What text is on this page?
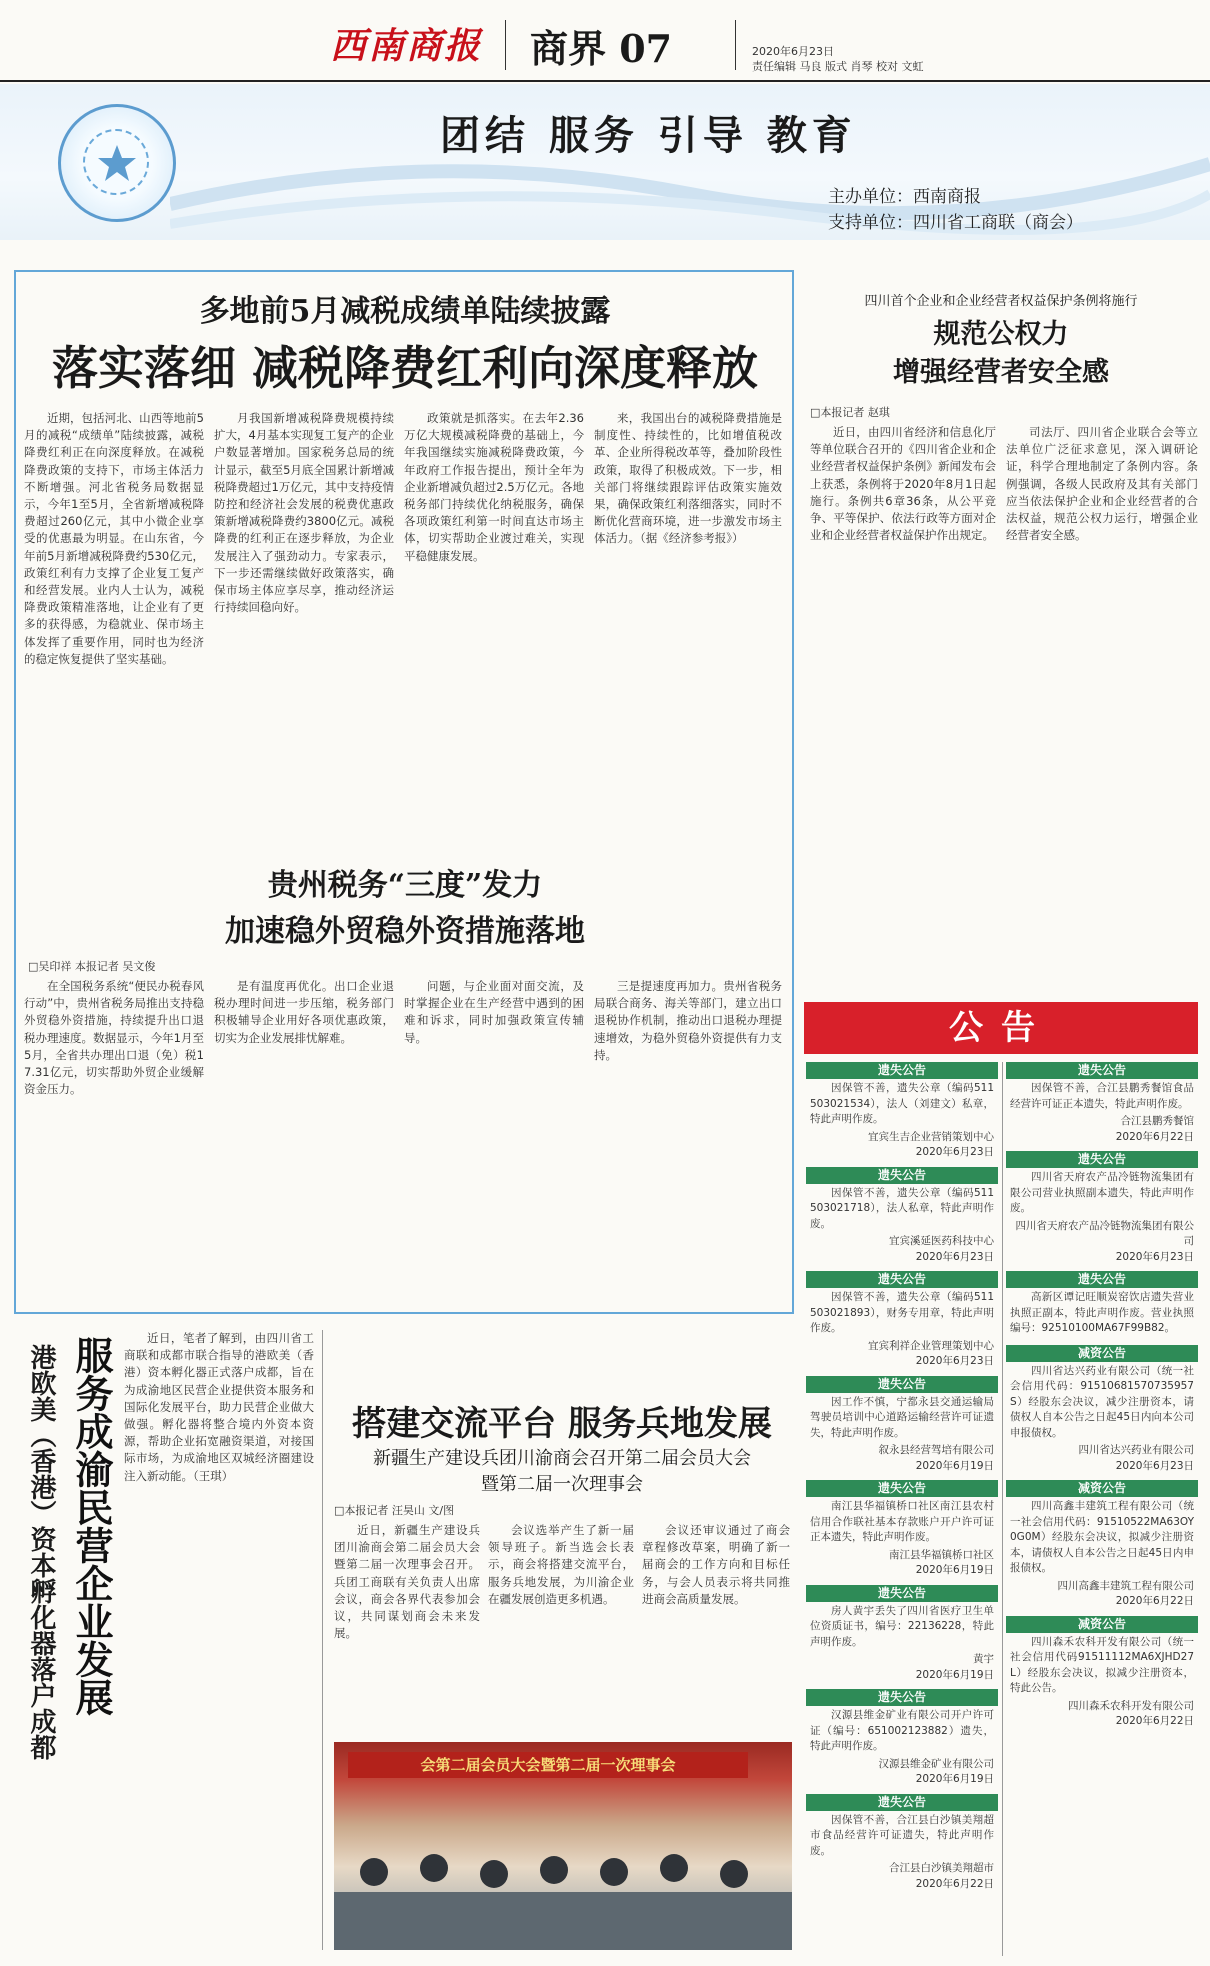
西南商报 商界 07	2020年6月23日
责任编辑 马良 版式 肖琴 校对 文虹
团结 服务 引导 教育
主办单位：西南商报
支持单位：四川省工商联（商会）
多地前5月减税成绩单陆续披露
落实落细 减税降费红利向深度释放
近期，包括河北、山西等地前5月的减税“成绩单”陆续披露，减税降费红利正在向深度释放。在减税降费政策的支持下，市场主体活力不断增强。河北省税务局数据显示，今年1至5月，全省新增减税降费超过260亿元，其中小微企业享受的优惠最为明显。在山东省，今年前5月新增减税降费约530亿元，政策红利有力支撑了企业复工复产和经营发展。业内人士认为，减税降费政策精准落地，让企业有了更多的获得感，为稳就业、保市场主体发挥了重要作用，同时也为经济的稳定恢复提供了坚实基础。
月我国新增减税降费规模持续扩大，4月基本实现复工复产的企业户数显著增加。国家税务总局的统计显示，截至5月底全国累计新增减税降费超过1万亿元，其中支持疫情防控和经济社会发展的税费优惠政策新增减税降费约3800亿元。减税降费的红利正在逐步释放，为企业发展注入了强劲动力。专家表示，下一步还需继续做好政策落实，确保市场主体应享尽享，推动经济运行持续回稳向好。
政策就是抓落实。在去年2.36万亿大规模减税降费的基础上，今年我国继续实施减税降费政策，今年政府工作报告提出，预计全年为企业新增减负超过2.5万亿元。各地税务部门持续优化纳税服务，确保各项政策红利第一时间直达市场主体，切实帮助企业渡过难关，实现平稳健康发展。
来，我国出台的减税降费措施是制度性、持续性的，比如增值税改革、企业所得税改革等，叠加阶段性政策，取得了积极成效。下一步，相关部门将继续跟踪评估政策实施效果，确保政策红利落细落实，同时不断优化营商环境，进一步激发市场主体活力。（据《经济参考报》）
贵州税务“三度”发力
加速稳外贸稳外资措施落地
□吴印祥 本报记者 吴文俊
在全国税务系统“便民办税春风行动”中，贵州省税务局推出支持稳外贸稳外资措施，持续提升出口退税办理速度。数据显示，今年1月至5月，全省共办理出口退（免）税17.31亿元，切实帮助外贸企业缓解资金压力。
是有温度再优化。出口企业退税办理时间进一步压缩，税务部门积极辅导企业用好各项优惠政策，切实为企业发展排忧解难。
问题，与企业面对面交流，及时掌握企业在生产经营中遇到的困难和诉求，同时加强政策宣传辅导。
三是提速度再加力。贵州省税务局联合商务、海关等部门，建立出口退税协作机制，推动出口退税办理提速增效，为稳外贸稳外资提供有力支持。
服务成渝民营企业发展
港欧美（香港）资本孵化器落户成都
近日，笔者了解到，由四川省工商联和成都市联合指导的港欧美（香港）资本孵化器正式落户成都，旨在为成渝地区民营企业提供资本服务和国际化发展平台，助力民营企业做大做强。孵化器将整合境内外资本资源，帮助企业拓宽融资渠道，对接国际市场，为成渝地区双城经济圈建设注入新动能。（王琪）
搭建交流平台 服务兵地发展
新疆生产建设兵团川渝商会召开第二届会员大会
暨第二届一次理事会
□本报记者 汪昊山 文/图
近日，新疆生产建设兵团川渝商会第二届会员大会暨第二届一次理事会召开。兵团工商联有关负责人出席会议，商会各界代表参加会议，共同谋划商会未来发展。
会议选举产生了新一届领导班子。新当选会长表示，商会将搭建交流平台，服务兵地发展，为川渝企业在疆发展创造更多机遇。
会议还审议通过了商会章程修改草案，明确了新一届商会的工作方向和目标任务，与会人员表示将共同推进商会高质量发展。
会第二届会员大会暨第二届一次理事会
四川首个企业和企业经营者权益保护条例将施行
规范公权力
增强经营者安全感
□本报记者 赵琪
近日，由四川省经济和信息化厅等单位联合召开的《四川省企业和企业经营者权益保护条例》新闻发布会上获悉，条例将于2020年8月1日起施行。条例共6章36条，从公平竞争、平等保护、依法行政等方面对企业和企业经营者权益保护作出规定。
司法厅、四川省企业联合会等立法单位广泛征求意见，深入调研论证，科学合理地制定了条例内容。条例强调，各级人民政府及其有关部门应当依法保护企业和企业经营者的合法权益，规范公权力运行，增强企业经营者安全感。
公告
遗失公告
因保管不善，遗失公章（编码511503021534），法人（刘建文）私章，特此声明作废。
宜宾生吉企业营销策划中心
2020年6月23日
遗失公告
因保管不善，遗失公章（编码511503021718），法人私章，特此声明作废。
宜宾溪延医药科技中心
2020年6月23日
遗失公告
因保管不善，遗失公章（编码511503021893），财务专用章，特此声明作废。
宜宾利祥企业管理策划中心
2020年6月23日
遗失公告
因工作不慎，宁都永县交通运输局驾驶员培训中心道路运输经营许可证遗失，特此声明作废。
叙永县经营驾培有限公司
2020年6月19日
遗失公告
南江县华福镇桥口社区南江县农村信用合作联社基本存款账户开户许可证正本遗失，特此声明作废。
南江县华福镇桥口社区
2020年6月19日
遗失公告
房人黄宇丢失了四川省医疗卫生单位资质证书，编号：22136228，特此声明作废。
黄宇
2020年6月19日
遗失公告
汉源县维金矿业有限公司开户许可证（编号：651002123882）遗失，特此声明作废。
汉源县维金矿业有限公司
2020年6月19日
遗失公告
因保管不善，合江县白沙镇美翔超市食品经营许可证遗失，特此声明作废。
合江县白沙镇美翔超市
2020年6月22日
遗失公告
因保管不善，合江县鹏秀餐馆食品经营许可证正本遗失，特此声明作废。
合江县鹏秀餐馆
2020年6月22日
遗失公告
四川省天府农产品冷链物流集团有限公司营业执照副本遗失，特此声明作废。
四川省天府农产品冷链物流集团有限公司
2020年6月23日
遗失公告
高新区谭记旺顺炭窑饮店遗失营业执照正副本，特此声明作废。营业执照编号：92510100MA67F99B82。
减资公告
四川省达兴药业有限公司（统一社会信用代码：91510681570735957S）经股东会决议，减少注册资本，请债权人自本公告之日起45日内向本公司申报债权。
四川省达兴药业有限公司
2020年6月23日
减资公告
四川高鑫丰建筑工程有限公司（统一社会信用代码：91510522MA63OY0G0M）经股东会决议，拟减少注册资本，请债权人自本公告之日起45日内申报债权。
四川高鑫丰建筑工程有限公司
2020年6月22日
减资公告
四川森禾农科开发有限公司（统一社会信用代码91511112MA6XJHD27L）经股东会决议，拟减少注册资本，特此公告。
四川森禾农科开发有限公司
2020年6月22日
